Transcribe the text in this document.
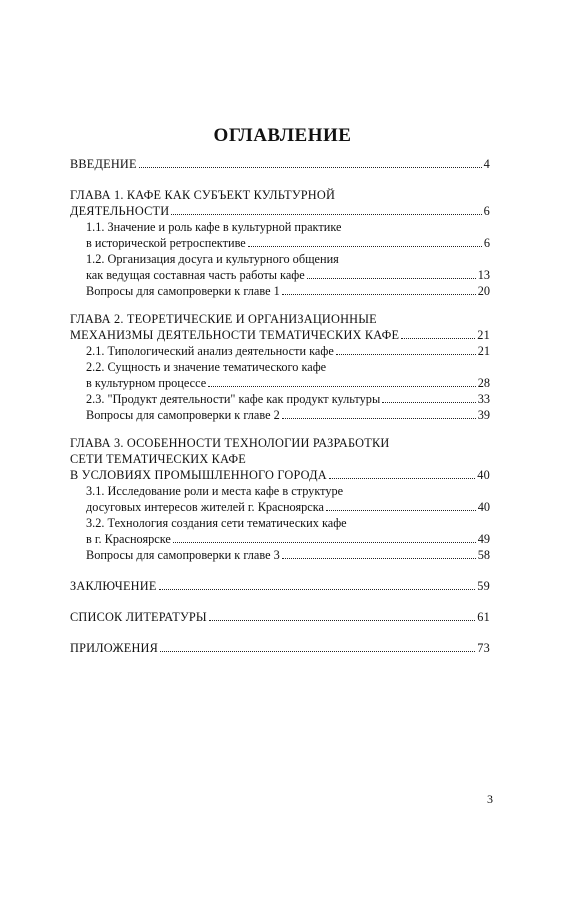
ОГЛАВЛЕНИЕ
ВВЕДЕНИЕ	4
ГЛАВА 1. КАФЕ КАК СУБЪЕКТ КУЛЬТУРНОЙ
ДЕЯТЕЛЬНОСТИ	6
1.1. Значение и роль кафе в культурной практике
в исторической ретроспективе	6
1.2. Организация досуга и культурного общения
как ведущая составная часть работы кафе	13
Вопросы для самопроверки к главе 1	20
ГЛАВА 2. ТЕОРЕТИЧЕСКИЕ И ОРГАНИЗАЦИОННЫЕ
МЕХАНИЗМЫ ДЕЯТЕЛЬНОСТИ ТЕМАТИЧЕСКИХ КАФЕ	21
2.1. Типологический анализ деятельности кафе	21
2.2. Сущность и значение тематического кафе
в культурном процессе	28
2.3. "Продукт деятельности" кафе как продукт культуры	33
Вопросы для самопроверки к главе 2	39
ГЛАВА 3. ОСОБЕННОСТИ ТЕХНОЛОГИИ РАЗРАБОТКИ
СЕТИ ТЕМАТИЧЕСКИХ КАФЕ
В УСЛОВИЯХ ПРОМЫШЛЕННОГО ГОРОДА	40
3.1. Исследование роли и места кафе в структуре
досуговых интересов жителей г. Красноярска	40
3.2. Технология создания сети тематических кафе
в г. Красноярске	49
Вопросы для самопроверки к главе 3	58
ЗАКЛЮЧЕНИЕ	59
СПИСОК ЛИТЕРАТУРЫ	61
ПРИЛОЖЕНИЯ	73
3
